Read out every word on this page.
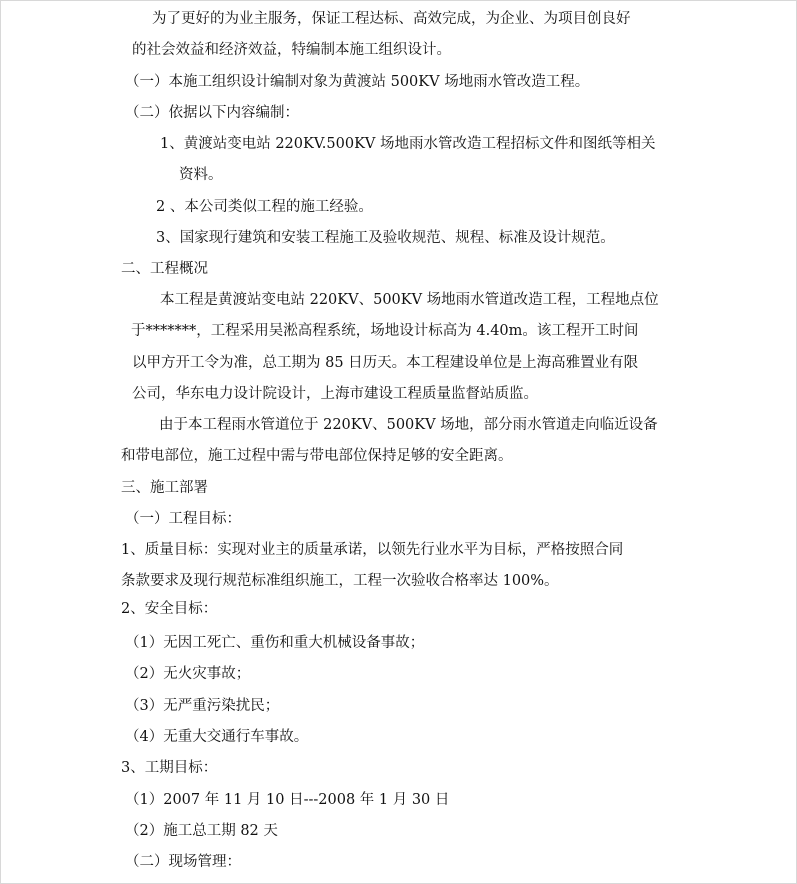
为了更好的为业主服务，保证工程达标、高效完成，为企业、为项目创良好

的社会效益和经济效益，特编制本施工组织设计。

（一）本施工组织设计编制对象为黄渡站 500KV 场地雨水管改造工程。

（二）依据以下内容编制：

1、黄渡站变电站 220KV.500KV 场地雨水管改造工程招标文件和图纸等相关

资料。

2 、本公司类似工程的施工经验。

3、国家现行建筑和安装工程施工及验收规范、规程、标准及设计规范。

二、工程概况

本工程是黄渡站变电站 220KV、500KV 场地雨水管道改造工程，工程地点位

于*******，工程采用吴淞高程系统，场地设计标高为 4.40m。该工程开工时间

以甲方开工令为准，总工期为 85 日历天。本工程建设单位是上海高雅置业有限

公司，华东电力设计院设计，上海市建设工程质量监督站质监。

由于本工程雨水管道位于 220KV、500KV 场地，部分雨水管道走向临近设备

和带电部位，施工过程中需与带电部位保持足够的安全距离。

三、施工部署

（一）工程目标：

1、质量目标：实现对业主的质量承诺，以领先行业水平为目标，严格按照合同

条款要求及现行规范标准组织施工，工程一次验收合格率达 100%。

2、安全目标：

（1）无因工死亡、重伤和重大机械设备事故；

（2）无火灾事故；

（3）无严重污染扰民；

（4）无重大交通行车事故。

3、工期目标：

（1）2007 年 11 月 10 日---2008 年 1 月 30 日

（2）施工总工期 82 天

（二）现场管理：
